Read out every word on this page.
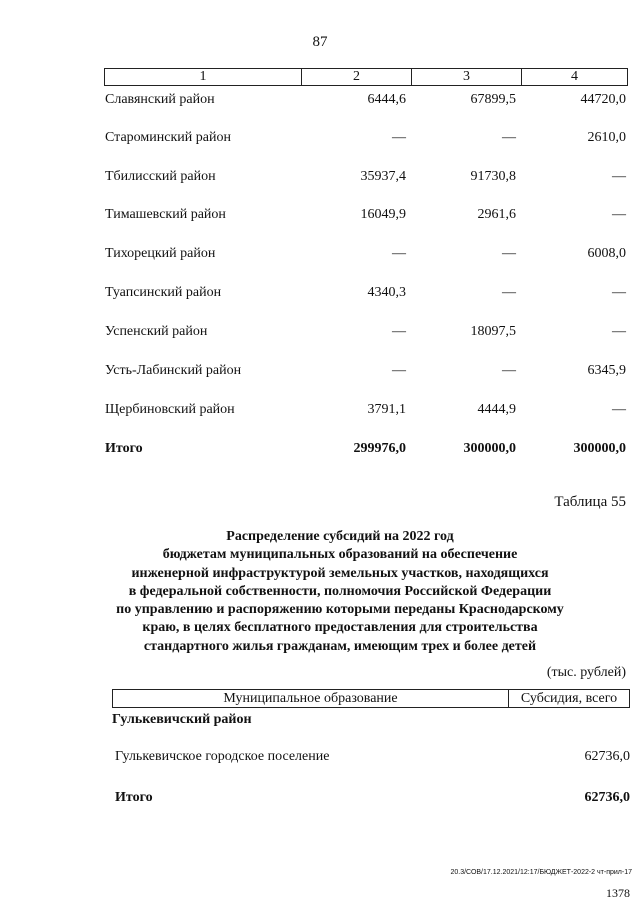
87
1	2	3	4
Славянский район	6444,6	67899,5	44720,0
Староминский район	—	—	2610,0
Тбилисский район	35937,4	91730,8	—
Тимашевский район	16049,9	2961,6	—
Тихорецкий район	—	—	6008,0
Туапсинский район	4340,3	—	—
Успенский район	—	18097,5	—
Усть-Лабинский район	—	—	6345,9
Щербиновский район	3791,1	4444,9	—
Итого	299976,0	300000,0	300000,0
Таблица 55
Распределение субсидий на 2022 год
бюджетам муниципальных образований на обеспечение
инженерной инфраструктурой земельных участков, находящихся
в федеральной собственности, полномочия Российской Федерации
по управлению и распоряжению которыми переданы Краснодарскому
краю, в целях бесплатного предоставления для строительства
стандартного жилья гражданам, имеющим трех и более детей
(тыс. рублей)
Муниципальное образование	Субсидия, всего
Гулькевичский район
Гулькевичское городское поселение	62736,0
Итого	62736,0
20.3/СОВ/17.12.2021/12:17/БЮДЖЕТ-2022-2 чт-прил-17
1378
